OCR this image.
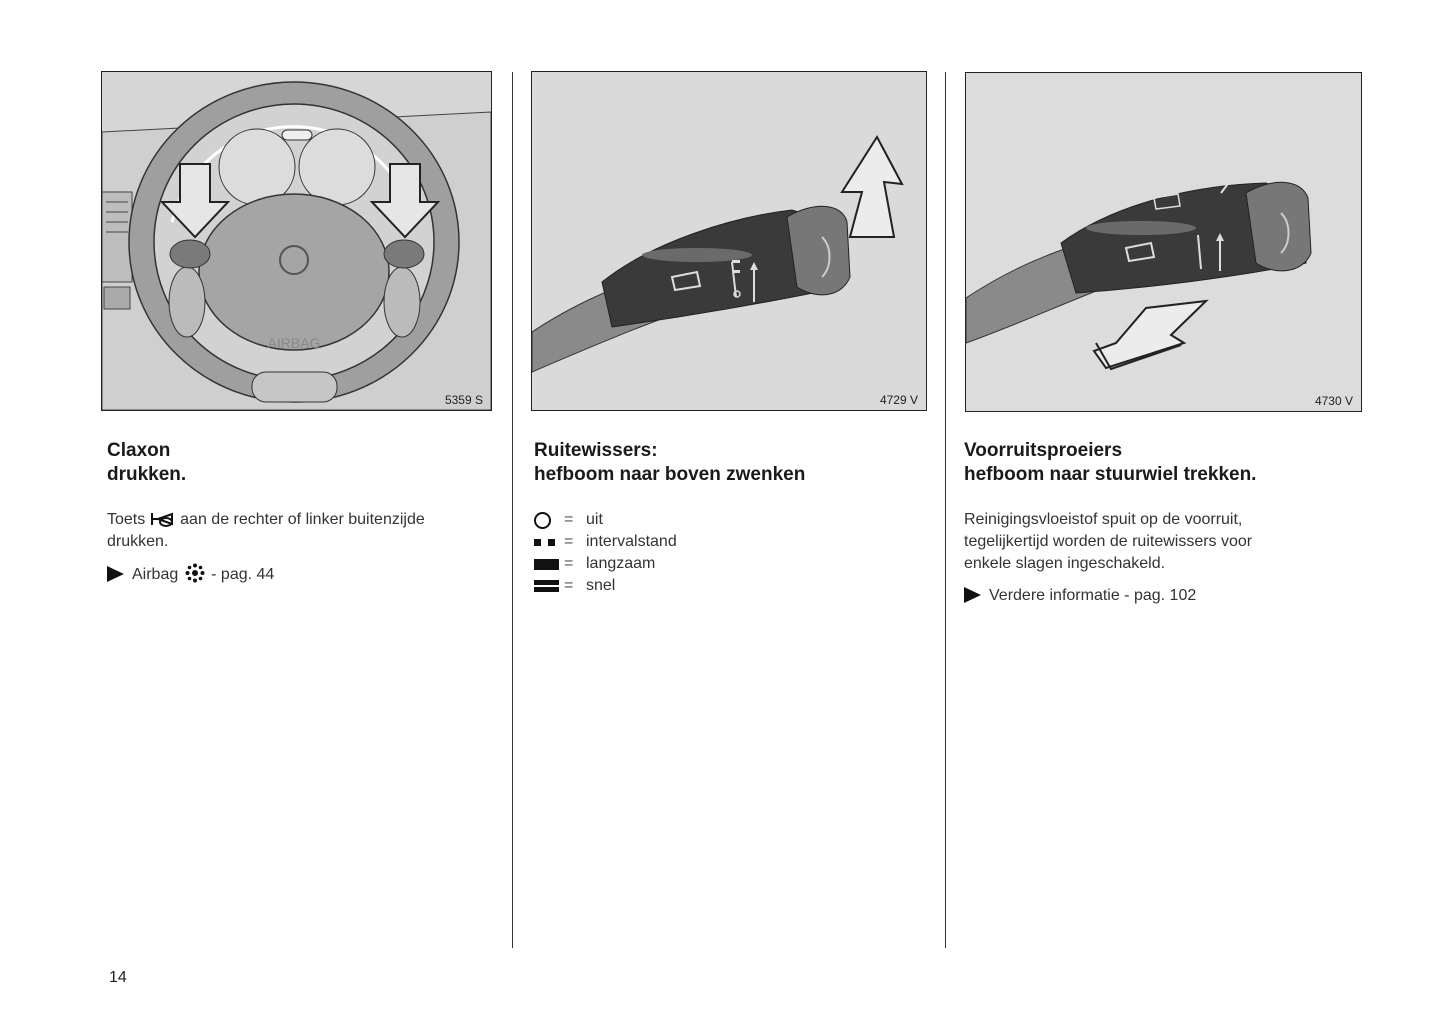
AIRBAG
5359 S
Claxon
drukken.
Toets aan de rechter of linker buitenzijde
drukken.
Airbag - pag. 44
4729 V
Ruitewissers:
hefboom naar boven zwenken
= uit
= intervalstand
= langzaam
= snel
4730 V
Voorruitsproeiers
hefboom naar stuurwiel trekken.
Reinigingsvloeistof spuit op de voorruit,
tegelijkertijd worden de ruitewissers voor
enkele slagen ingeschakeld.
Verdere informatie - pag. 102
14
